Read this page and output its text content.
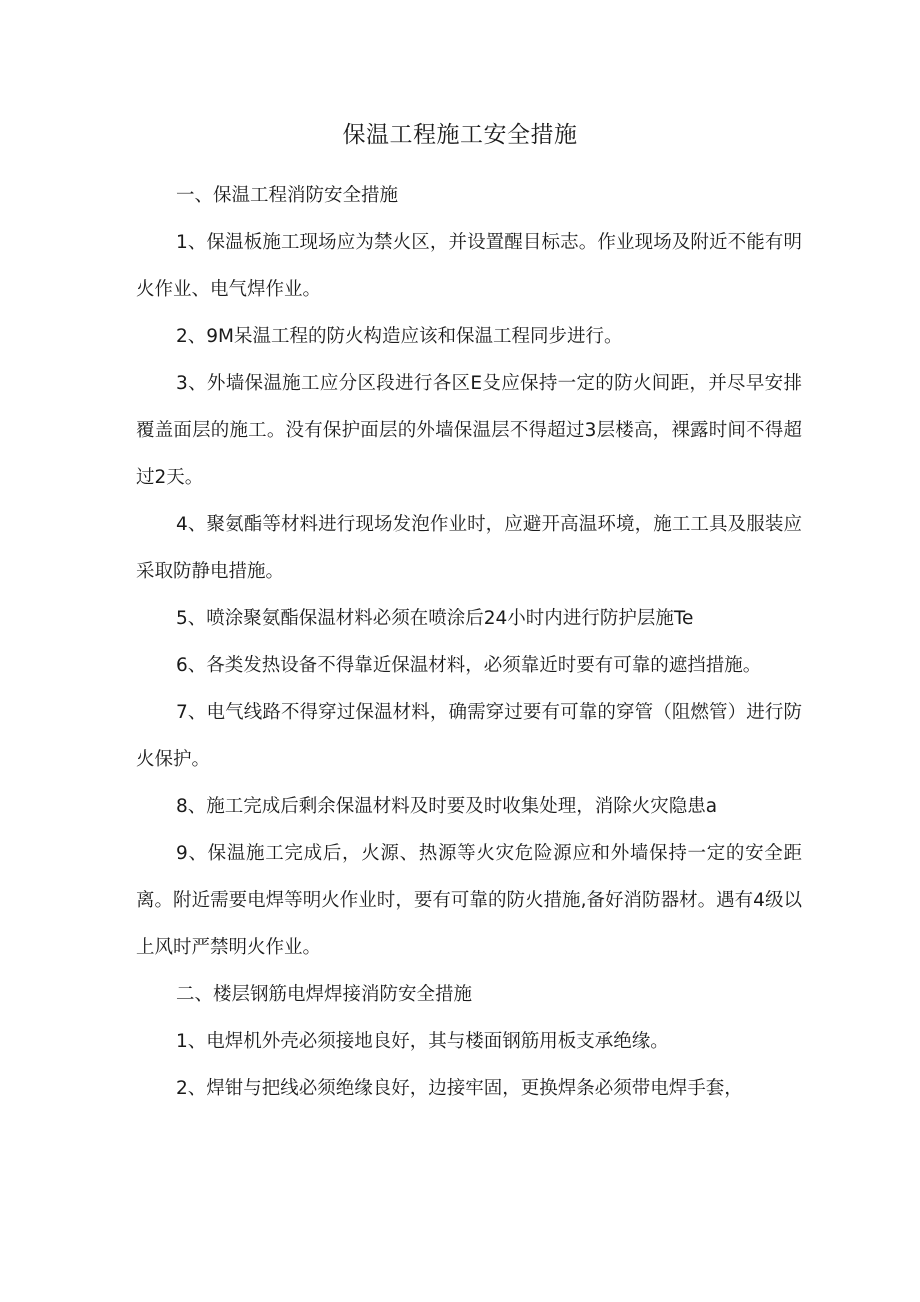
保温工程施工安全措施

一、保温工程消防安全措施

1、保温板施工现场应为禁火区，并设置醒目标志。作业现场及附近不能有明火作业、电气焊作业。

2、9M呆温工程的防火构造应该和保温工程同步进行。

3、外墙保温施工应分区段进行各区E殳应保持一定的防火间距，并尽早安排覆盖面层的施工。没有保护面层的外墙保温层不得超过3层楼高，裸露时间不得超过2天。

4、聚氨酯等材料进行现场发泡作业时，应避开高温环境，施工工具及服装应采取防静电措施。

5、喷涂聚氨酯保温材料必须在喷涂后24小时内进行防护层施Te

6、各类发热设备不得靠近保温材料，必须靠近时要有可靠的遮挡措施。

7、电气线路不得穿过保温材料，确需穿过要有可靠的穿管（阻燃管）进行防火保护。

8、施工完成后剩余保温材料及时要及时收集处理，消除火灾隐患a

9、保温施工完成后，火源、热源等火灾危险源应和外墙保持一定的安全距离。附近需要电焊等明火作业时，要有可靠的防火措施,备好消防器材。遇有4级以上风时严禁明火作业。

二、楼层钢筋电焊焊接消防安全措施

1、电焊机外壳必须接地良好，其与楼面钢筋用板支承绝缘。

2、焊钳与把线必须绝缘良好，边接牢固，更换焊条必须带电焊手套，
